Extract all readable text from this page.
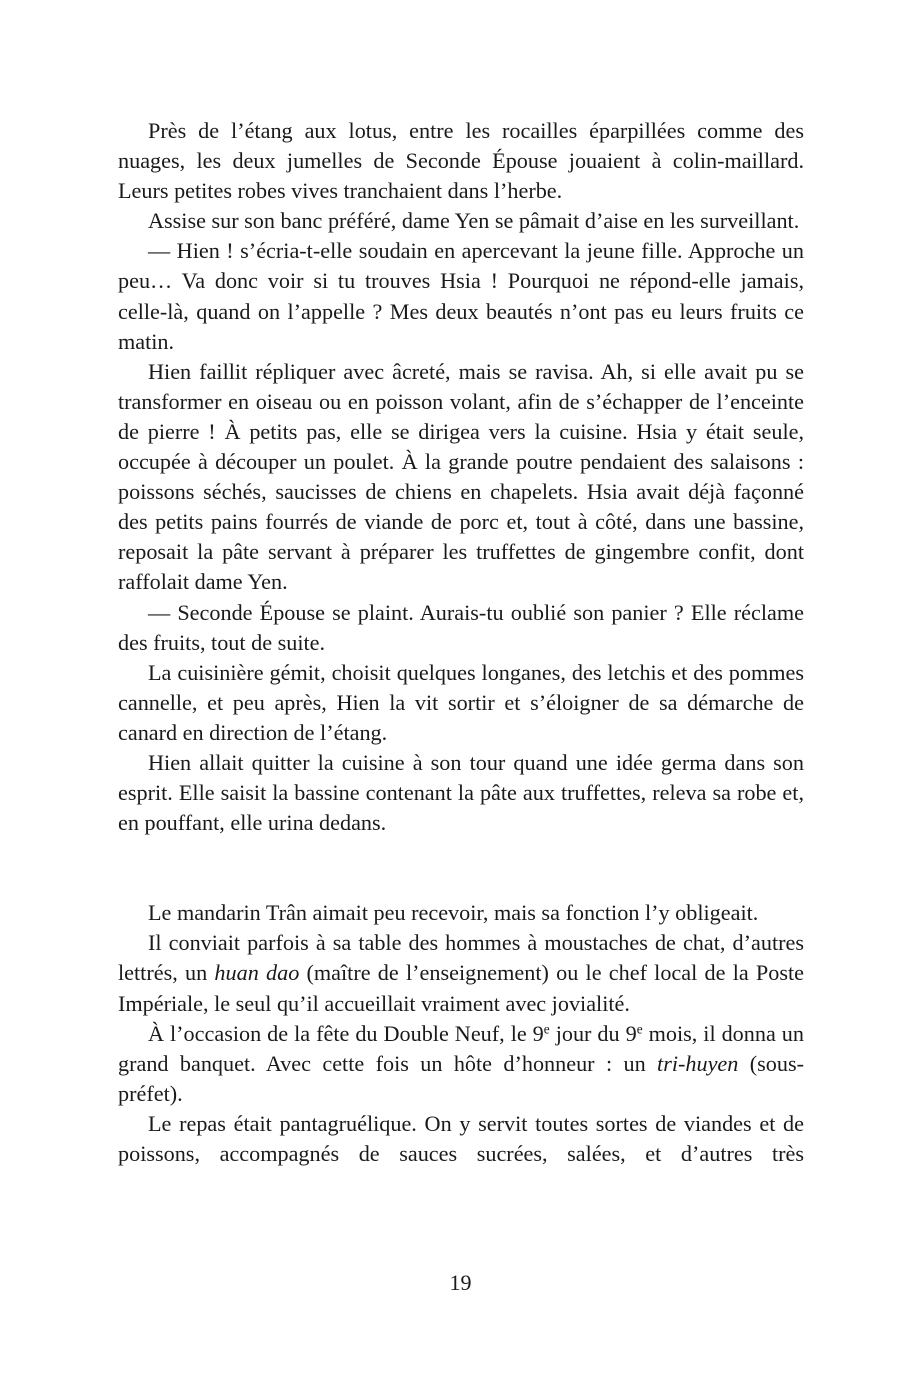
Près de l’étang aux lotus, entre les rocailles éparpillées comme des nuages, les deux jumelles de Seconde Épouse jouaient à colin-maillard. Leurs petites robes vives tranchaient dans l’herbe.

Assise sur son banc préféré, dame Yen se pâmait d’aise en les surveillant.

— Hien ! s’écria-t-elle soudain en apercevant la jeune fille. Approche un peu… Va donc voir si tu trouves Hsia ! Pourquoi ne répond-elle jamais, celle-là, quand on l’appelle ? Mes deux beautés n’ont pas eu leurs fruits ce matin.

Hien faillit répliquer avec âcreté, mais se ravisa. Ah, si elle avait pu se transformer en oiseau ou en poisson volant, afin de s’échapper de l’enceinte de pierre ! À petits pas, elle se dirigea vers la cuisine. Hsia y était seule, occupée à découper un poulet. À la grande poutre pendaient des salaisons : poissons séchés, saucisses de chiens en chapelets. Hsia avait déjà façonné des petits pains fourrés de viande de porc et, tout à côté, dans une bassine, reposait la pâte servant à préparer les truffettes de gingembre confit, dont raffolait dame Yen.

— Seconde Épouse se plaint. Aurais-tu oublié son panier ? Elle réclame des fruits, tout de suite.

La cuisinière gémit, choisit quelques longanes, des letchis et des pommes cannelle, et peu après, Hien la vit sortir et s’éloigner de sa démarche de canard en direction de l’étang.

Hien allait quitter la cuisine à son tour quand une idée germa dans son esprit. Elle saisit la bassine contenant la pâte aux truffettes, releva sa robe et, en pouffant, elle urina dedans.

Le mandarin Trân aimait peu recevoir, mais sa fonction l’y obligeait.

Il conviait parfois à sa table des hommes à moustaches de chat, d’autres lettrés, un huan dao (maître de l’enseignement) ou le chef local de la Poste Impériale, le seul qu’il accueillait vraiment avec jovialité.

À l’occasion de la fête du Double Neuf, le 9e jour du 9e mois, il donna un grand banquet. Avec cette fois un hôte d’honneur : un tri-huyen (sous-préfet).

Le repas était pantagruélique. On y servit toutes sortes de viandes et de poissons, accompagnés de sauces sucrées, salées, et d’autres très

19
